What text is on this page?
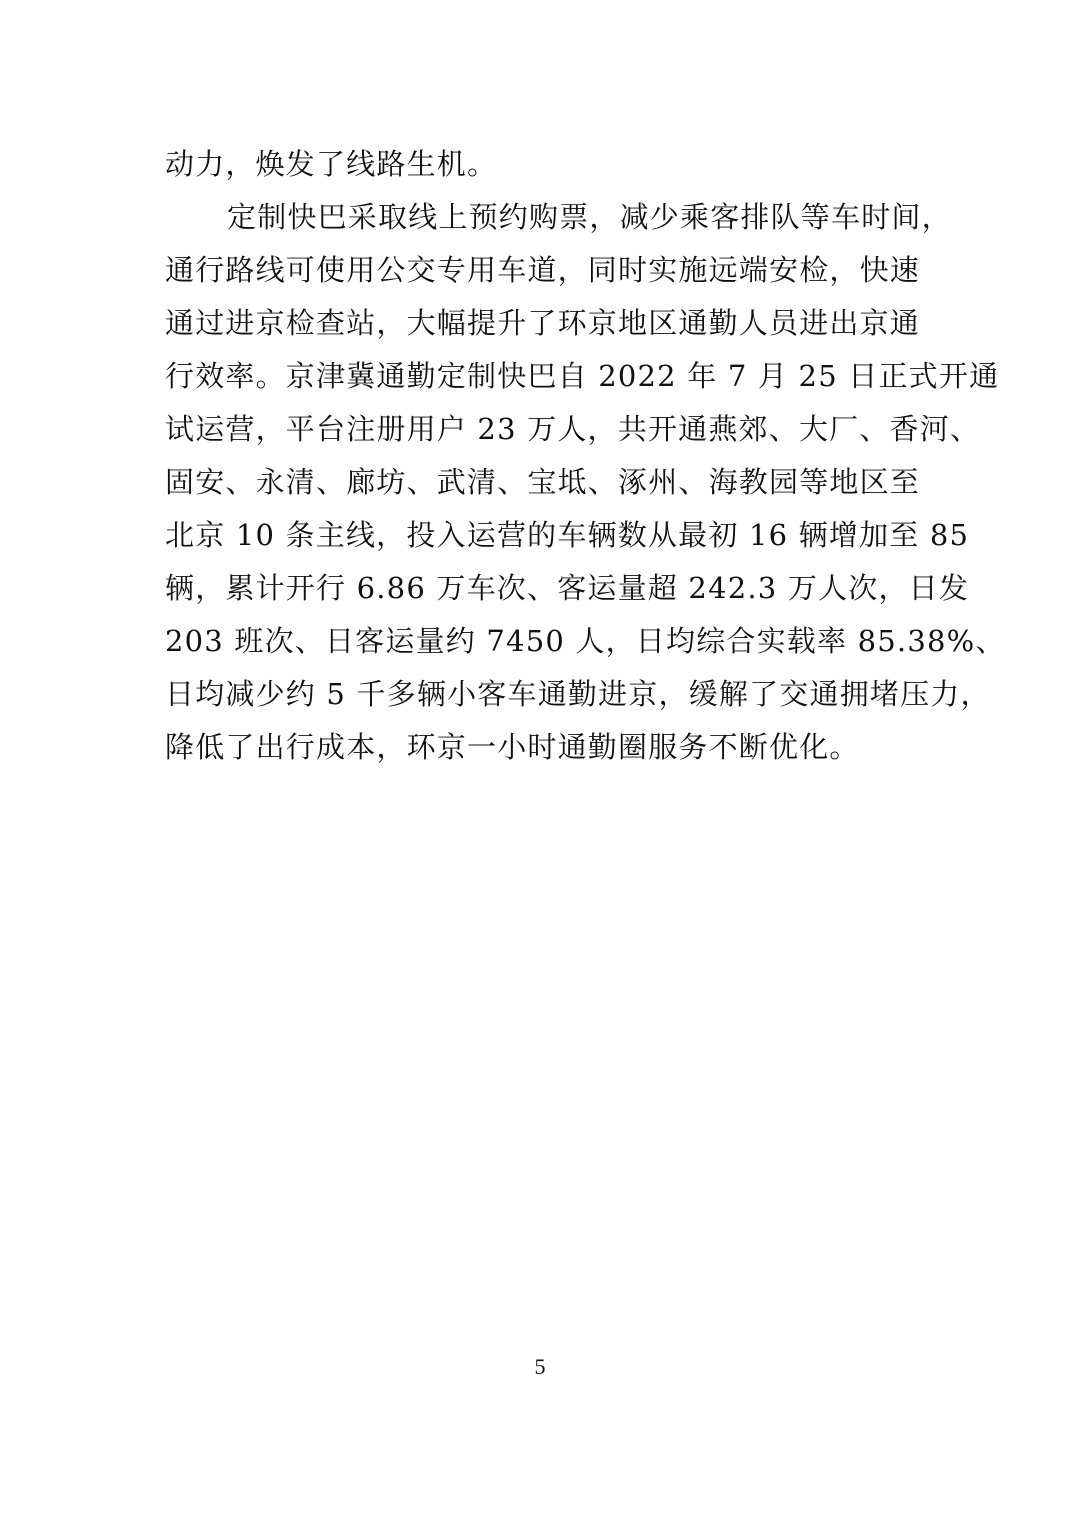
动力，焕发了线路生机。
定制快巴采取线上预约购票，减少乘客排队等车时间，
通行路线可使用公交专用车道，同时实施远端安检，快速
通过进京检查站，大幅提升了环京地区通勤人员进出京通
行效率。京津冀通勤定制快巴自 2022 年 7 月 25 日正式开通
试运营，平台注册用户 23 万人，共开通燕郊、大厂、香河、
固安、永清、廊坊、武清、宝坻、涿州、海教园等地区至
北京 10 条主线，投入运营的车辆数从最初 16 辆增加至 85
辆，累计开行 6.86 万车次、客运量超 242.3 万人次，日发
203 班次、日客运量约 7450 人，日均综合实载率 85.38%、
日均减少约 5 千多辆小客车通勤进京，缓解了交通拥堵压力，
降低了出行成本，环京一小时通勤圈服务不断优化。
5
